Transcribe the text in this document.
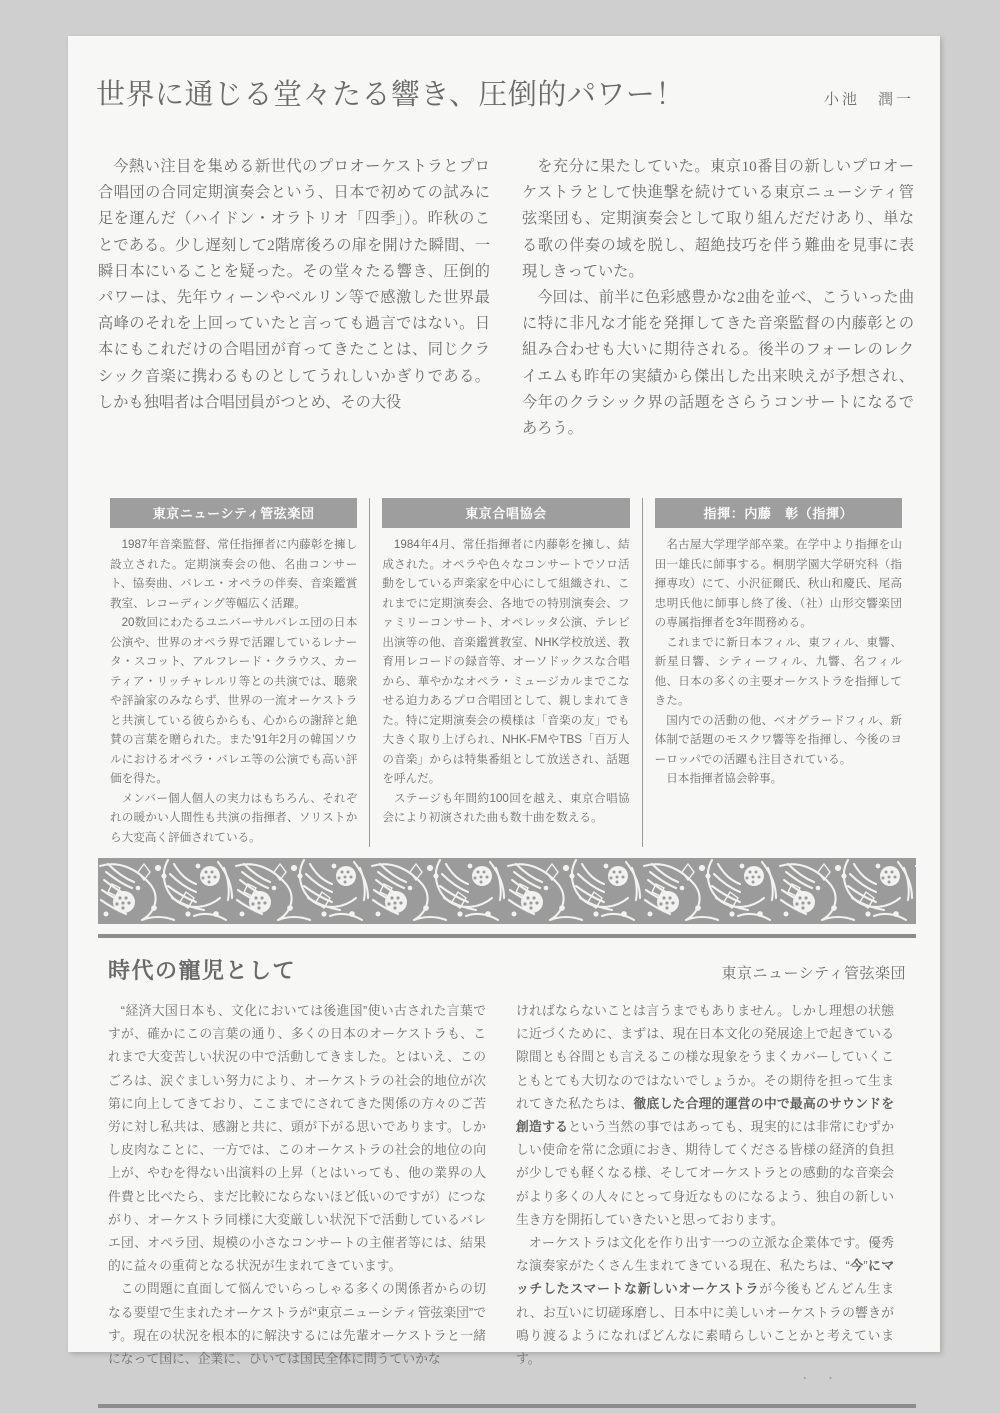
世界に通じる堂々たる響き、圧倒的パワー！	小池　潤一

今熱い注目を集める新世代のプロオーケストラとプロ合唱団の合同定期演奏会という、日本で初めての試みに足を運んだ（ハイドン・オラトリオ「四季」）。昨秋のことである。少し遅刻して2階席後ろの扉を開けた瞬間、一瞬日本にいることを疑った。その堂々たる響き、圧倒的パワーは、先年ウィーンやベルリン等で感激した世界最高峰のそれを上回っていたと言っても過言ではない。日本にもこれだけの合唱団が育ってきたことは、同じクラシック音楽に携わるものとしてうれしいかぎりである。しかも独唱者は合唱団員がつとめ、その大役

を充分に果たしていた。東京10番目の新しいプロオーケストラとして快進撃を続けている東京ニューシティ管弦楽団も、定期演奏会として取り組んだだけあり、単なる歌の伴奏の域を脱し、超絶技巧を伴う難曲を見事に表現しきっていた。

今回は、前半に色彩感豊かな2曲を並べ、こういった曲に特に非凡な才能を発揮してきた音楽監督の内藤彰との組み合わせも大いに期待される。後半のフォーレのレクイエムも昨年の実績から傑出した出来映えが予想され、今年のクラシック界の話題をさらうコンサートになるであろう。

東京ニューシティ管弦楽団

1987年音楽監督、常任指揮者に内藤彰を擁し設立された。定期演奏会の他、名曲コンサート、協奏曲、バレエ・オペラの伴奏、音楽鑑賞教室、レコーディング等幅広く活躍。

20数回にわたるユニバーサルバレエ団の日本公演や、世界のオペラ界で活躍しているレナータ・スコット、アルフレード・クラウス、カーティア・リッチャレルリ等との共演では、聴衆や評論家のみならず、世界の一流オーケストラと共演している彼らからも、心からの謝辞と絶賛の言葉を贈られた。また'91年2月の韓国ソウルにおけるオペラ・バレエ等の公演でも高い評価を得た。

メンバー個人個人の実力はもちろん、それぞれの暖かい人間性も共演の指揮者、ソリストから大変高く評価されている。

東京合唱協会

1984年4月、常任指揮者に内藤彰を擁し、結成された。オペラや色々なコンサートでソロ活動をしている声楽家を中心にして組織され、これまでに定期演奏会、各地での特別演奏会、ファミリーコンサート、オペレッタ公演、テレビ出演等の他、音楽鑑賞教室、NHK学校放送、教育用レコードの録音等、オーソドックスな合唱から、華やかなオペラ・ミュージカルまでこなせる迫力あるプロ合唱団として、親しまれてきた。特に定期演奏会の模様は「音楽の友」でも大きく取り上げられ、NHK-FMやTBS「百万人の音楽」からは特集番組として放送され、話題を呼んだ。

ステージも年間約100回を越え、東京合唱協会により初演された曲も数十曲を数える。

指揮：内藤　彰（指揮）

名古屋大学理学部卒業。在学中より指揮を山田一雄氏に師事する。桐朋学園大学研究科（指揮専攻）にて、小沢征爾氏、秋山和慶氏、尾高忠明氏他に師事し終了後、（社）山形交響楽団の専属指揮者を3年間務める。

これまでに新日本フィル、東フィル、東響、新星日響、シティーフィル、九響、名フィル他、日本の多くの主要オーケストラを指揮してきた。

国内での活動の他、ベオグラードフィル、新体制で話題のモスクワ響等を指揮し、今後のヨーロッパでの活躍も注目されている。

日本指揮者協会幹事。

時代の寵児として	東京ニューシティ管弦楽団

“経済大国日本も、文化においては後進国”使い古された言葉ですが、確かにこの言葉の通り、多くの日本のオーケストラも、これまで大変苦しい状況の中で活動してきました。とはいえ、このごろは、涙ぐましい努力により、オーケストラの社会的地位が次第に向上してきており、ここまでにされてきた関係の方々のご苦労に対し私共は、感謝と共に、頭が下がる思いであります。しかし皮肉なことに、一方では、このオーケストラの社会的地位の向上が、やむを得ない出演料の上昇（とはいっても、他の業界の人件費と比べたら、まだ比較にならないほど低いのですが）につながり、オーケストラ同様に大変厳しい状況下で活動しているバレエ団、オペラ団、規模の小さなコンサートの主催者等には、結果的に益々の重荷となる状況が生まれてきています。

この問題に直面して悩んでいらっしゃる多くの関係者からの切なる要望で生まれたオーケストラが“東京ニューシティ管弦楽団”です。現在の状況を根本的に解決するには先輩オーケストラと一緒になって国に、企業に、ひいては国民全体に問うていかな

ければならないことは言うまでもありません。しかし理想の状態に近づくために、まずは、現在日本文化の発展途上で起きている隙間とも谷間とも言えるこの様な現象をうまくカバーしていくこともとても大切なのではないでしょうか。その期待を担って生まれてきた私たちは、徹底した合理的運営の中で最高のサウンドを創造するという当然の事ではあっても、現実的には非常にむずかしい使命を常に念頭におき、期待してくださる皆様の経済的負担が少しでも軽くなる様、そしてオーケストラとの感動的な音楽会がより多くの人々にとって身近なものになるよう、独自の新しい生き方を開拓していきたいと思っております。

オーケストラは文化を作り出す一つの立派な企業体です。優秀な演奏家がたくさん生まれてきている現在、私たちは、“今”にマッチしたスマートな新しいオーケストラが今後もどんどん生まれ、お互いに切磋琢磨し、日本中に美しいオーケストラの響きが鳴り渡るようになればどんなに素晴らしいことかと考えています。

・ ・
